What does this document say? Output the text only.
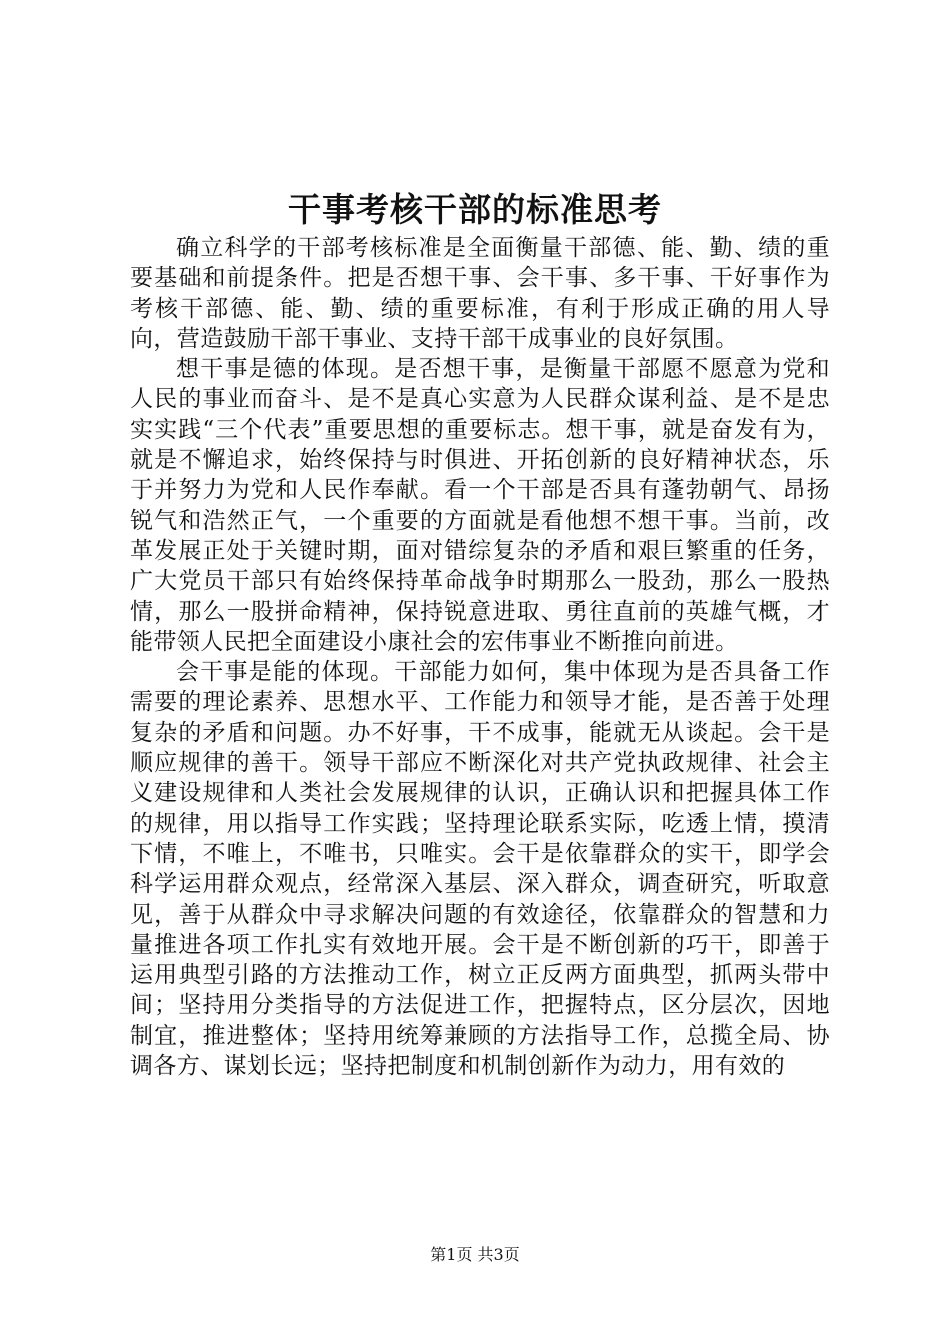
干事考核干部的标准思考

确立科学的干部考核标准是全面衡量干部德、能、勤、绩的重要基础和前提条件。把是否想干事、会干事、多干事、干好事作为考核干部德、能、勤、绩的重要标准，有利于形成正确的用人导向，营造鼓励干部干事业、支持干部干成事业的良好氛围。

想干事是德的体现。是否想干事，是衡量干部愿不愿意为党和人民的事业而奋斗、是不是真心实意为人民群众谋利益、是不是忠实实践“三个代表”重要思想的重要标志。想干事，就是奋发有为，就是不懈追求，始终保持与时俱进、开拓创新的良好精神状态，乐于并努力为党和人民作奉献。看一个干部是否具有蓬勃朝气、昂扬锐气和浩然正气，一个重要的方面就是看他想不想干事。当前，改革发展正处于关键时期，面对错综复杂的矛盾和艰巨繁重的任务，广大党员干部只有始终保持革命战争时期那么一股劲，那么一股热情，那么一股拼命精神，保持锐意进取、勇往直前的英雄气概，才能带领人民把全面建设小康社会的宏伟事业不断推向前进。

会干事是能的体现。干部能力如何，集中体现为是否具备工作需要的理论素养、思想水平、工作能力和领导才能，是否善于处理复杂的矛盾和问题。办不好事，干不成事，能就无从谈起。会干是顺应规律的善干。领导干部应不断深化对共产党执政规律、社会主义建设规律和人类社会发展规律的认识，正确认识和把握具体工作的规律，用以指导工作实践；坚持理论联系实际，吃透上情，摸清下情，不唯上，不唯书，只唯实。会干是依靠群众的实干，即学会科学运用群众观点，经常深入基层、深入群众，调查研究，听取意见，善于从群众中寻求解决问题的有效途径，依靠群众的智慧和力量推进各项工作扎实有效地开展。会干是不断创新的巧干，即善于运用典型引路的方法推动工作，树立正反两方面典型，抓两头带中间；坚持用分类指导的方法促进工作，把握特点，区分层次，因地制宜，推进整体；坚持用统筹兼顾的方法指导工作，总揽全局、协调各方、谋划长远；坚持把制度和机制创新作为动力，用有效的

第1页 共3页
